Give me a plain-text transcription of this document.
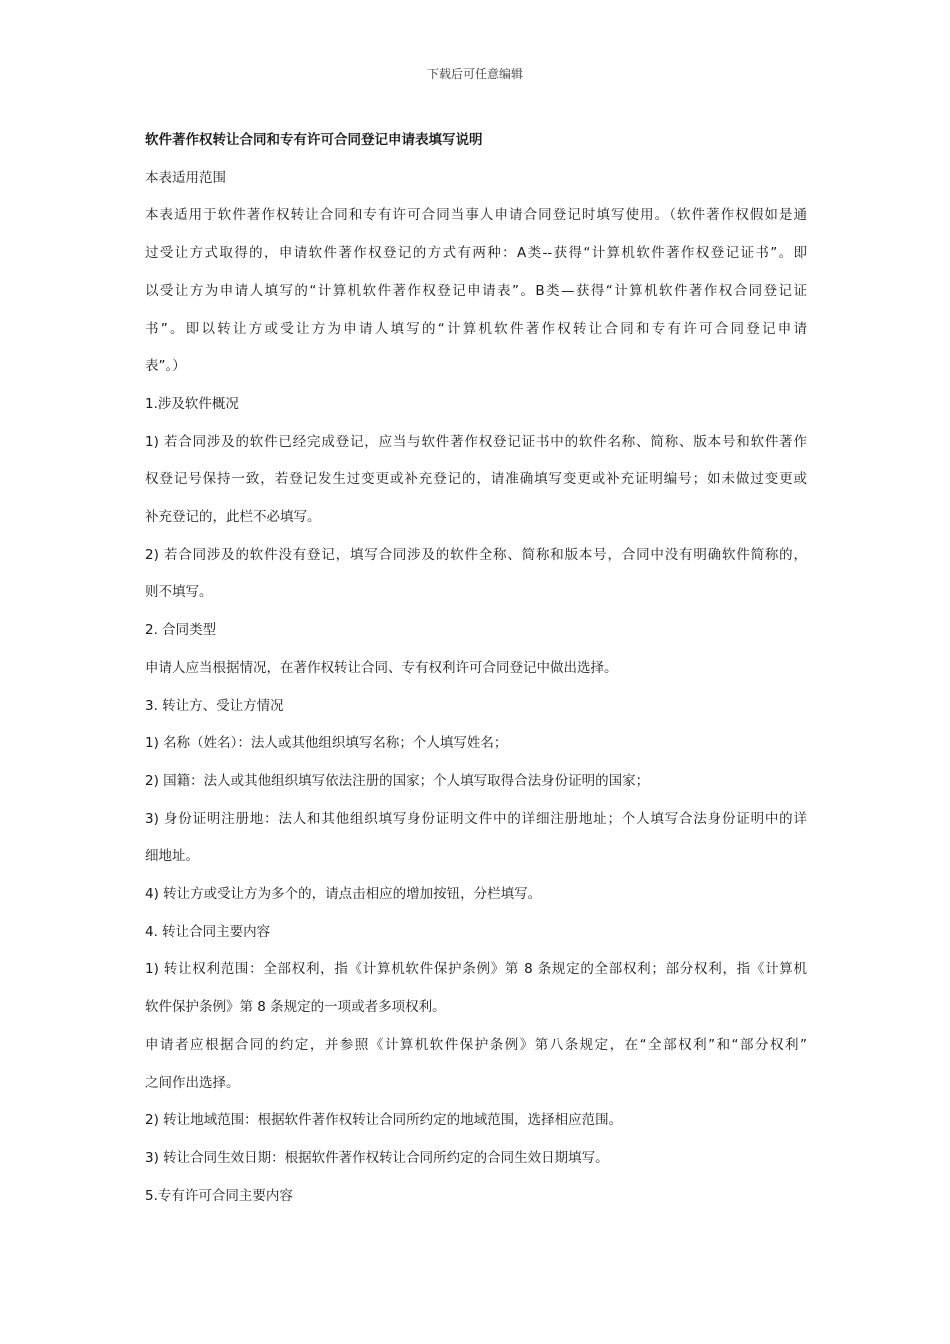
下载后可任意编辑
软件著作权转让合同和专有许可合同登记申请表填写说明
本表适用范围
本表适用于软件著作权转让合同和专有许可合同当事人申请合同登记时填写使用。（软件著作权假如是通
过受让方式取得的，申请软件著作权登记的方式有两种：A类--获得“计算机软件著作权登记证书”。即
以受让方为申请人填写的“计算机软件著作权登记申请表”。B类—获得“计算机软件著作权合同登记证
书”。即以转让方或受让方为申请人填写的“计算机软件著作权转让合同和专有许可合同登记申请
表”。）
1.涉及软件概况
1) 若合同涉及的软件已经完成登记，应当与软件著作权登记证书中的软件名称、简称、版本号和软件著作
权登记号保持一致，若登记发生过变更或补充登记的，请准确填写变更或补充证明编号；如未做过变更或
补充登记的，此栏不必填写。
2) 若合同涉及的软件没有登记，填写合同涉及的软件全称、简称和版本号，合同中没有明确软件简称的，
则不填写。
2. 合同类型
申请人应当根据情况，在著作权转让合同、专有权利许可合同登记中做出选择。
3. 转让方、受让方情况
1) 名称（姓名）：法人或其他组织填写名称；个人填写姓名；
2) 国籍：法人或其他组织填写依法注册的国家；个人填写取得合法身份证明的国家；
3) 身份证明注册地：法人和其他组织填写身份证明文件中的详细注册地址；个人填写合法身份证明中的详
细地址。
4) 转让方或受让方为多个的，请点击相应的增加按钮，分栏填写。
4. 转让合同主要内容
1) 转让权利范围：全部权利，指《计算机软件保护条例》第 8 条规定的全部权利；部分权利，指《计算机
软件保护条例》第 8 条规定的一项或者多项权利。
申请者应根据合同的约定，并参照《计算机软件保护条例》第八条规定，在“全部权利”和“部分权利”
之间作出选择。
2) 转让地域范围：根据软件著作权转让合同所约定的地域范围，选择相应范围。
3) 转让合同生效日期：根据软件著作权转让合同所约定的合同生效日期填写。
5.专有许可合同主要内容
